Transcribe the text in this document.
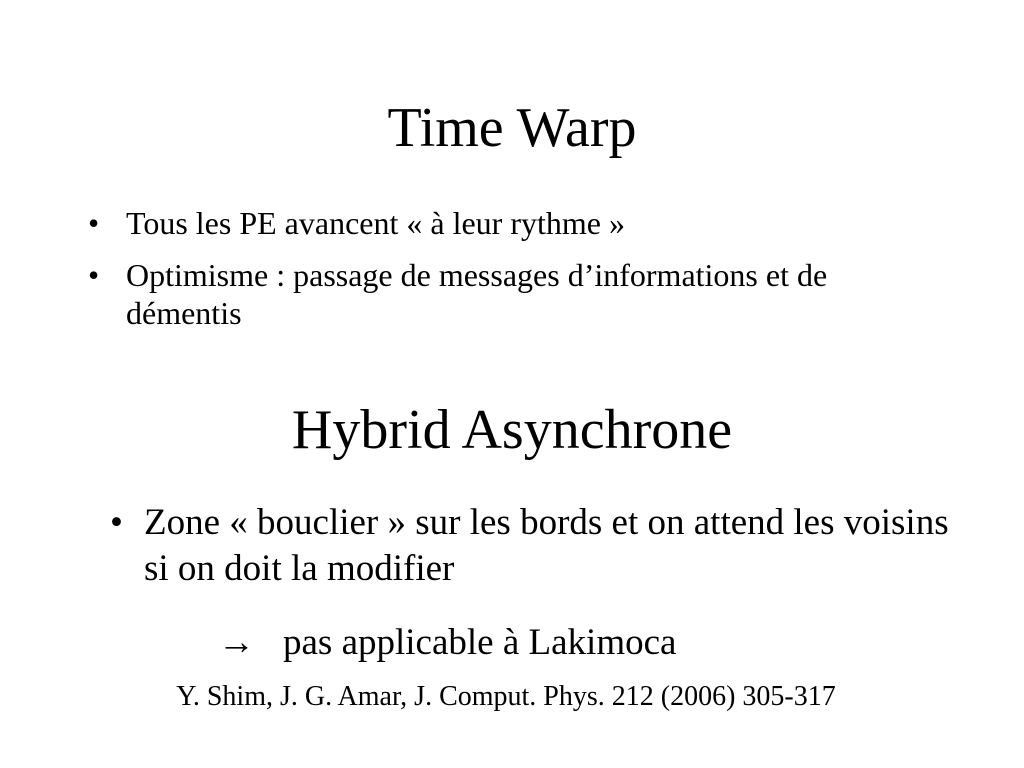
Time Warp
• Tous les PE avancent « à leur rythme »
• Optimisme : passage de messages d’informations et de démentis
Hybrid Asynchrone
• Zone « bouclier » sur les bords et on attend les voisins si on doit la modifier
→ pas applicable à Lakimoca
Y. Shim, J. G. Amar, J. Comput. Phys. 212 (2006) 305-317
